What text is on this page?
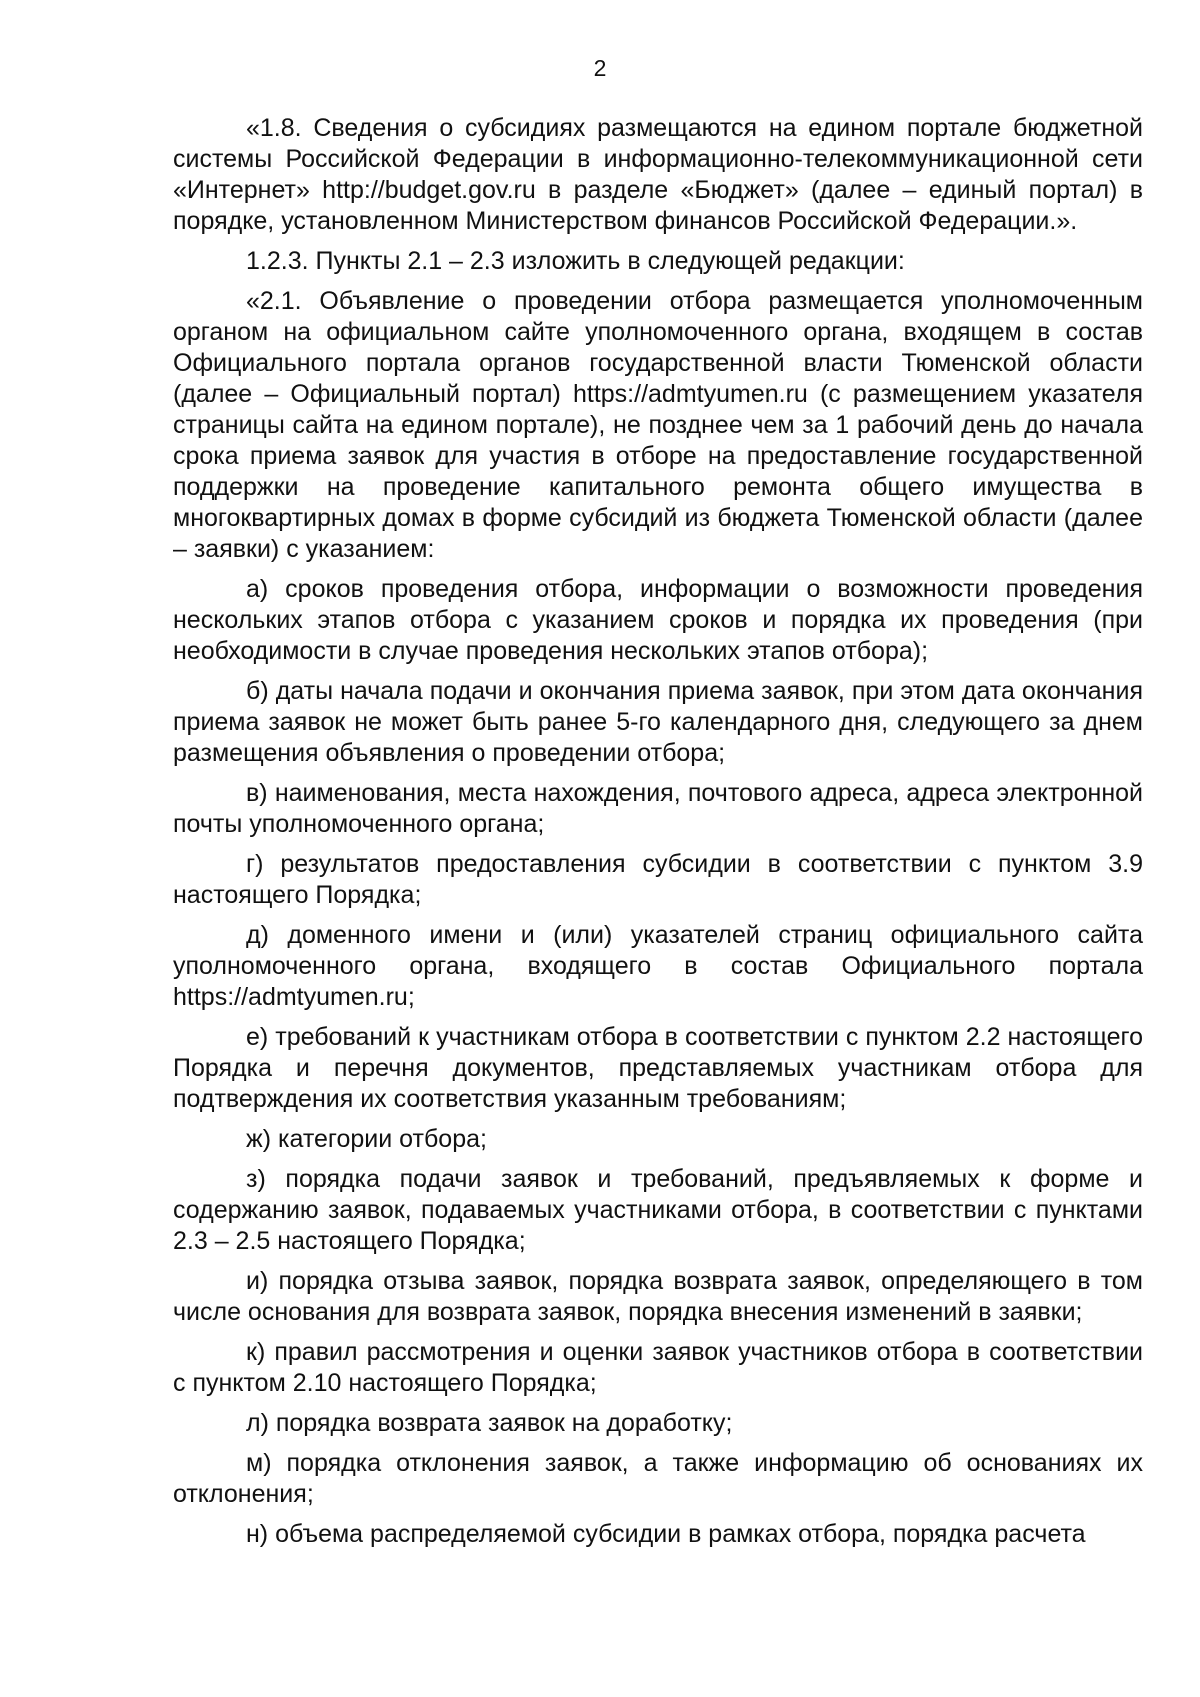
2

«1.8. Сведения о субсидиях размещаются на едином портале бюджетной системы Российской Федерации в информационно-телекоммуникационной сети «Интернет» http://budget.gov.ru в разделе «Бюджет» (далее – единый портал) в порядке, установленном Министерством финансов Российской Федерации.».

1.2.3. Пункты 2.1 – 2.3 изложить в следующей редакции:

«2.1. Объявление о проведении отбора размещается уполномоченным органом на официальном сайте уполномоченного органа, входящем в состав Официального портала органов государственной власти Тюменской области (далее – Официальный портал) https://admtyumen.ru (с размещением указателя страницы сайта на едином портале), не позднее чем за 1 рабочий день до начала срока приема заявок для участия в отборе на предоставление государственной поддержки на проведение капитального ремонта общего имущества в многоквартирных домах в форме субсидий из бюджета Тюменской области (далее – заявки) с указанием:

а) сроков проведения отбора, информации о возможности проведения нескольких этапов отбора с указанием сроков и порядка их проведения (при необходимости в случае проведения нескольких этапов отбора);

б) даты начала подачи и окончания приема заявок, при этом дата окончания приема заявок не может быть ранее 5-го календарного дня, следующего за днем размещения объявления о проведении отбора;

в) наименования, места нахождения, почтового адреса, адреса электронной почты уполномоченного органа;

г) результатов предоставления субсидии в соответствии с пунктом 3.9 настоящего Порядка;

д) доменного имени и (или) указателей страниц официального сайта уполномоченного органа, входящего в состав Официального портала https://admtyumen.ru;

е) требований к участникам отбора в соответствии с пунктом 2.2 настоящего Порядка и перечня документов, представляемых участникам отбора для подтверждения их соответствия указанным требованиям;

ж) категории отбора;

з) порядка подачи заявок и требований, предъявляемых к форме и содержанию заявок, подаваемых участниками отбора, в соответствии с пунктами 2.3 – 2.5 настоящего Порядка;

и) порядка отзыва заявок, порядка возврата заявок, определяющего в том числе основания для возврата заявок, порядка внесения изменений в заявки;

к) правил рассмотрения и оценки заявок участников отбора в соответствии с пунктом 2.10 настоящего Порядка;

л) порядка возврата заявок на доработку;

м) порядка отклонения заявок, а также информацию об основаниях их отклонения;

н) объема распределяемой субсидии в рамках отбора, порядка расчета
